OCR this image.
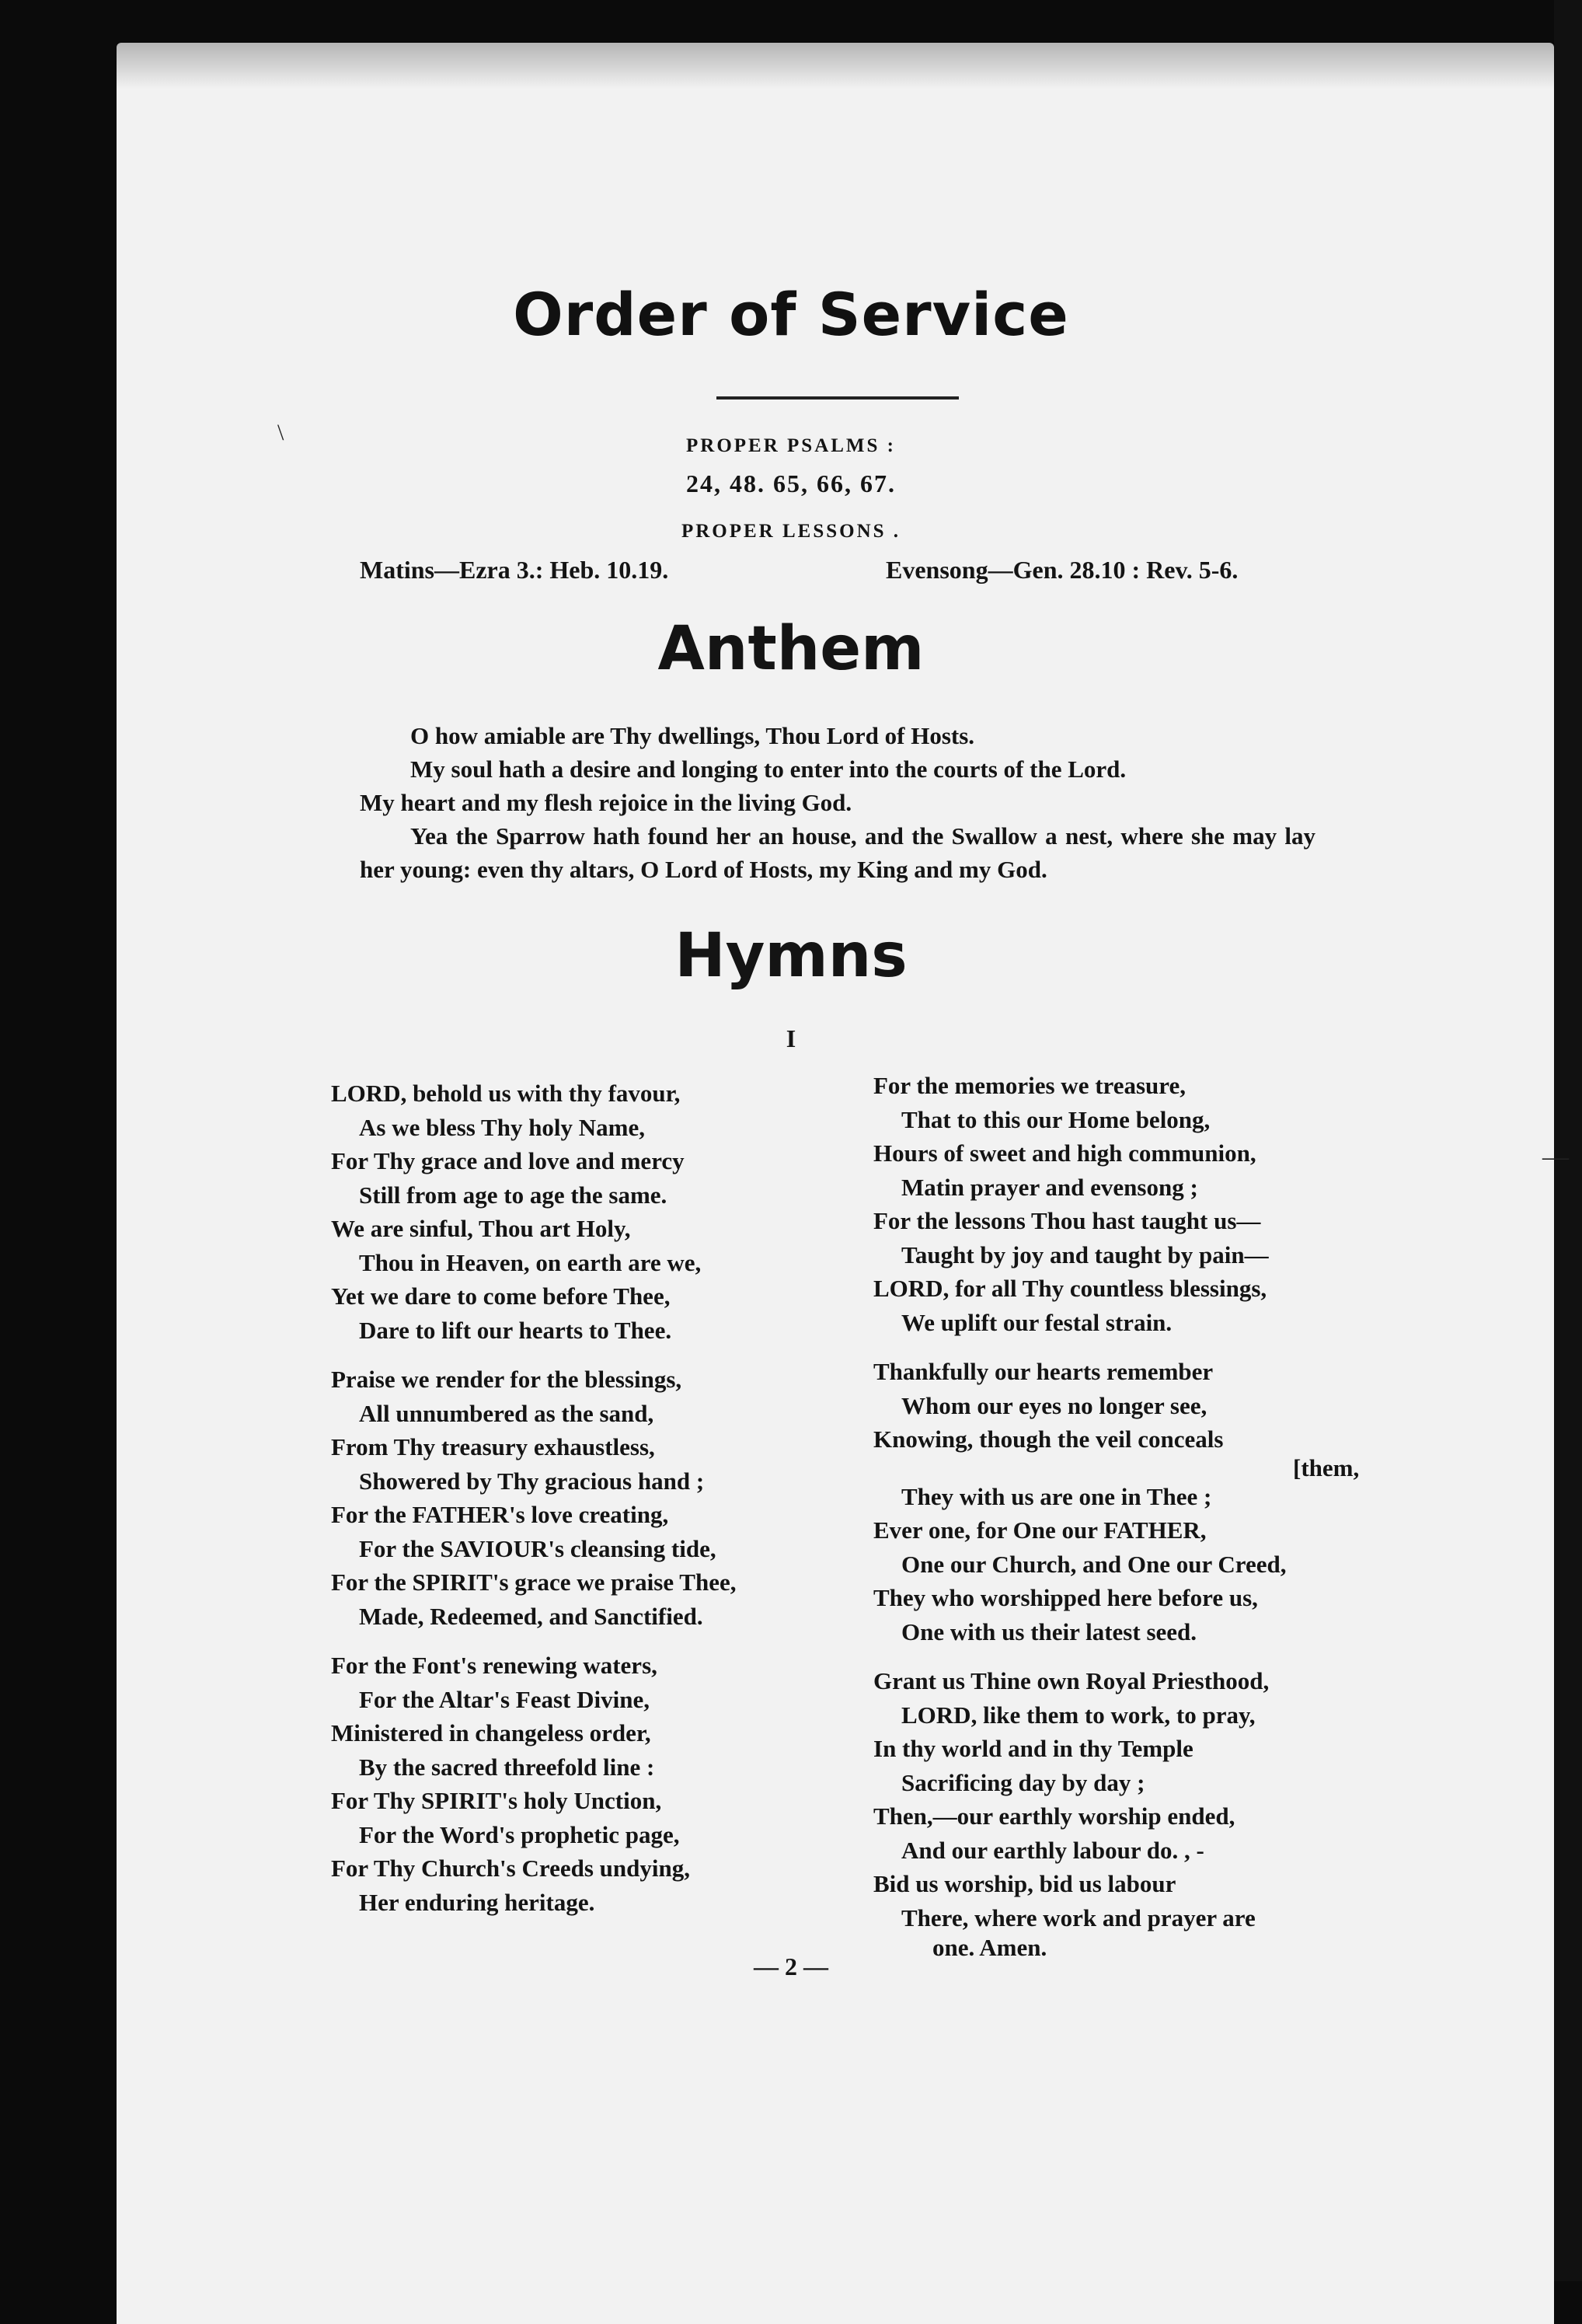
\
—
Order of Service
PROPER PSALMS :
24, 48. 65, 66, 67.
PROPER LESSONS .
Matins—Ezra 3.: Heb. 10.19.	Evensong—Gen. 28.10 : Rev. 5-6.
Anthem

O how amiable are Thy dwellings, Thou Lord of Hosts.

My soul hath a desire and longing to enter into the courts of the Lord.

My heart and my flesh rejoice in the living God.

Yea the Sparrow hath found her an house, and the Swallow a nest, where she may lay her young: even thy altars, O Lord of Hosts, my King and my God.

Hymns
I
LORD, behold us with thy favour,
As we bless Thy holy Name,
For Thy grace and love and mercy
Still from age to age the same.
We are sinful, Thou art Holy,
Thou in Heaven, on earth are we,
Yet we dare to come before Thee,
Dare to lift our hearts to Thee.
Praise we render for the blessings,
All unnumbered as the sand,
From Thy treasury exhaustless,
Showered by Thy gracious hand ;
For the FATHER's love creating,
For the SAVIOUR's cleansing tide,
For the SPIRIT's grace we praise Thee,
Made, Redeemed, and Sanctified.
For the Font's renewing waters,
For the Altar's Feast Divine,
Ministered in changeless order,
By the sacred threefold line :
For Thy SPIRIT's holy Unction,
For the Word's prophetic page,
For Thy Church's Creeds undying,
Her enduring heritage.
For the memories we treasure,
That to this our Home belong,
Hours of sweet and high communion,
Matin prayer and evensong ;
For the lessons Thou hast taught us—
Taught by joy and taught by pain—
LORD, for all Thy countless blessings,
We uplift our festal strain.
Thankfully our hearts remember
Whom our eyes no longer see,
Knowing, though the veil conceals
[them,
They with us are one in Thee ;
Ever one, for One our FATHER,
One our Church, and One our Creed,
They who worshipped here before us,
One with us their latest seed.
Grant us Thine own Royal Priesthood,
LORD, like them to work, to pray,
In thy world and in thy Temple
Sacrificing day by day ;
Then,—our earthly worship ended,
And our earthly labour do. , -
Bid us worship, bid us labour
There, where work and prayer are
one. Amen.
— 2 —
